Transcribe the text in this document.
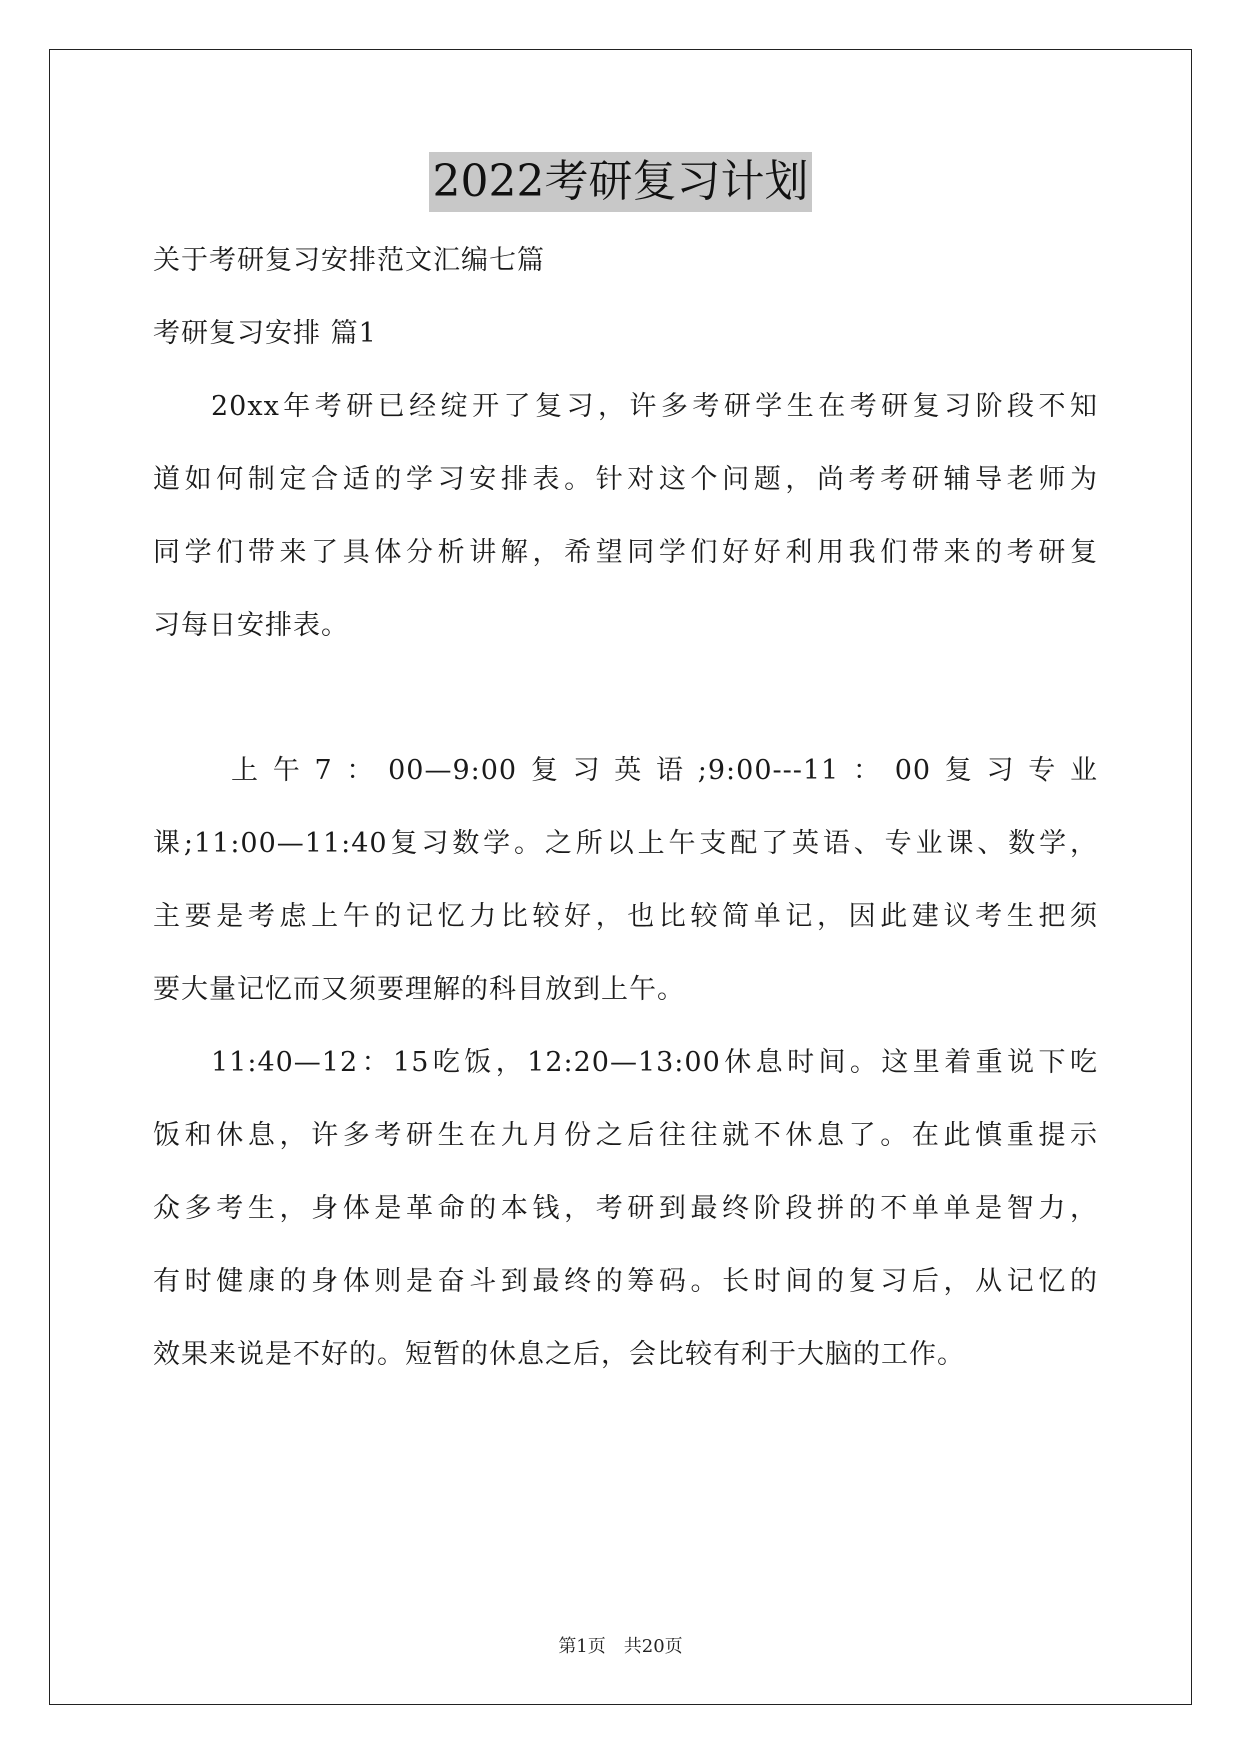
2022考研复习计划
关于考研复习安排范文汇编七篇
考研复习安排 篇1
20xx年考研已经绽开了复习，许多考研学生在考研复习阶段不知
道如何制定合适的学习安排表。针对这个问题，尚考考研辅导老师为
同学们带来了具体分析讲解，希望同学们好好利用我们带来的考研复
习每日安排表。
上午7：00—9:00复习英语;9:00---11：00复习专业
课;11:00—11:40复习数学。之所以上午支配了英语、专业课、数学，
主要是考虑上午的记忆力比较好，也比较简单记，因此建议考生把须
要大量记忆而又须要理解的科目放到上午。
11:40—12：15吃饭，12:20—13:00休息时间。这里着重说下吃
饭和休息，许多考研生在九月份之后往往就不休息了。在此慎重提示
众多考生，身体是革命的本钱，考研到最终阶段拼的不单单是智力，
有时健康的身体则是奋斗到最终的筹码。长时间的复习后，从记忆的
效果来说是不好的。短暂的休息之后，会比较有利于大脑的工作。
第1页　共20页
